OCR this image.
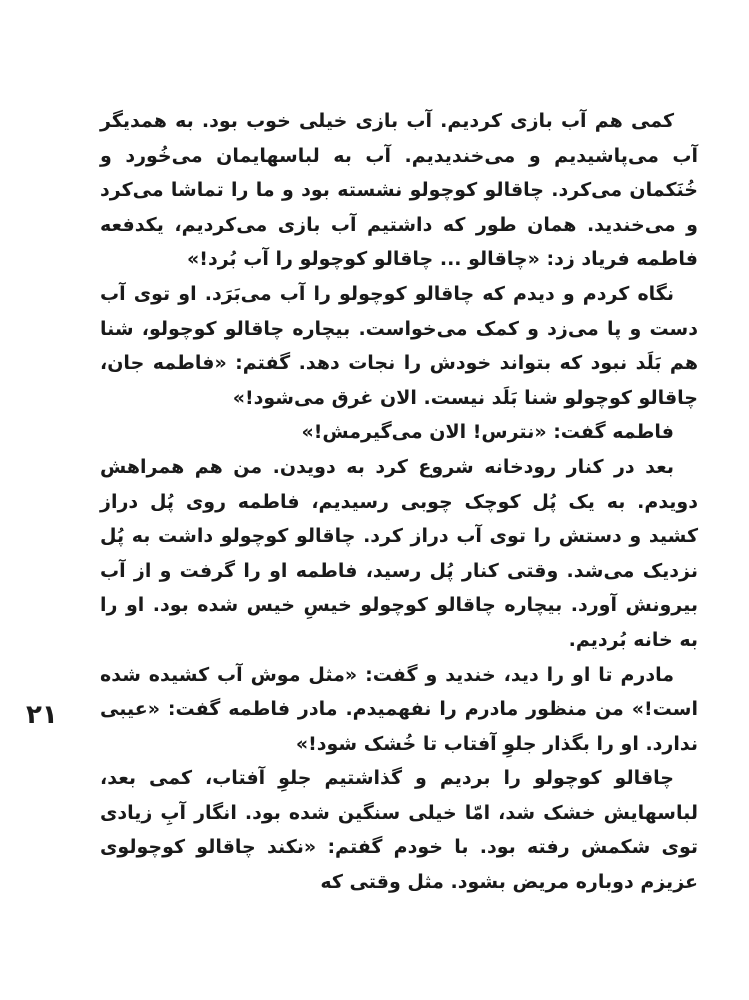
کمی هم آب بازی کردیم. آب بازی خیلی خوب بود. به همدیگر آب می‌پاشیدیم و می‌خندیدیم. آب به لباسهایمان می‌خُورد و خُنَکمان می‌کرد. چاقالو کوچولو نشسته بود و ما را تماشا می‌کرد و می‌خندید. همان طور که داشتیم آب بازی می‌کردیم، یکدفعه فاطمه فریاد زد: «چاقالو ... چاقالو کوچولو را آب بُرد!»

نگاه کردم و دیدم که چاقالو کوچولو را آب می‌بَرَد. او توی آب دست و پا می‌زد و کمک می‌خواست. بیچاره چاقالو کوچولو، شنا هم بَلَد نبود که بتواند خودش را نجات دهد. گفتم: «فاطمه جان، چاقالو کوچولو شنا بَلَد نیست. الان غرق می‌شود!»

فاطمه گفت: «نترس! الان می‌گیرمش!»

بعد در کنار رودخانه شروع کرد به دویدن. من هم همراهش دویدم. به یک پُل کوچک چوبی رسیدیم، فاطمه روی پُل دراز کشید و دستش را توی آب دراز کرد. چاقالو کوچولو داشت به پُل نزدیک می‌شد. وقتی کنار پُل رسید، فاطمه او را گرفت و از آب بیرونش آورد. بیچاره چاقالو کوچولو خیسِ خیس شده بود. او را به خانه بُردیم.

مادرم تا او را دید، خندید و گفت: «مثل موش آب کشیده شده است!» من منظور مادرم را نفهمیدم. مادر فاطمه گفت: «عیبی ندارد. او را بگذار جلوِ آفتاب تا خُشک شود!»

چاقالو کوچولو را بردیم و گذاشتیم جلوِ آفتاب، کمی بعد، لباسهایش خشک شد، امّا خیلی سنگین شده بود. انگار آبِ زیادی توی شکمش رفته بود. با خودم گفتم: «نکند چاقالو کوچولوی عزیزم دوباره مریض بشود. مثل وقتی که

۲۱
